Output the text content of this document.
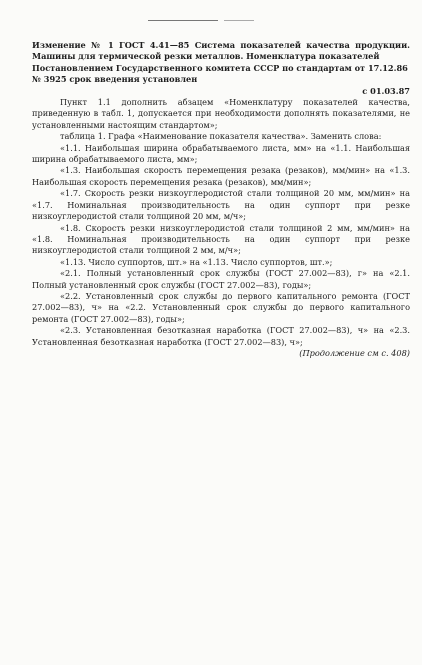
Изменение № 1 ГОСТ 4.41—85 Система показателей качества продукции. Машины для термической резки металлов. Номенклатура показателей

Постановлением Государственного комитета СССР по стандартам от 17.12.86 № 3925 срок введения установлен

с 01.03.87

Пункт 1.1 дополнить абзацем «Номенклатуру показателей качества, приведенную в табл. 1, допускается при необходимости дополнять показателями, не установленными настоящим стандартом»;

таблица 1. Графа «Наименование показателя качества». Заменить слова:

«1.1. Наибольшая ширина обрабатываемого листа, мм» на «1.1. Наибольшая ширина обрабатываемого листа, мм»;

«1.3. Наибольшая скорость перемещения резака (резаков), мм/мин» на «1.3. Наибольшая скорость перемещения резака (резаков), мм/мин»;

«1.7. Скорость резки низкоуглеродистой стали толщиной 20 мм, мм/мин» на «1.7. Номинальная производительность на один суппорт при резке низкоуглеродистой стали толщиной 20 мм, м/ч»;

«1.8. Скорость резки низкоуглеродистой стали толщиной 2 мм, мм/мин» на «1.8. Номинальная производительность на один суппорт при резке низкоуглеродистой стали толщиной 2 мм, м/ч»;

«1.13. Число суппортов, шт.» на «1.13. Число суппортов, шт.»;

«2.1. Полный установленный срок службы (ГОСТ 27.002—83), г» на «2.1. Полный установленный срок службы (ГОСТ 27.002—83), годы»;

«2.2. Установленный срок службы до первого капитального ремонта (ГОСТ 27.002—83), ч» на «2.2. Установленный срок службы до первого капитального ремонта (ГОСТ 27.002—83), годы»;

«2.3. Установленная безотказная наработка (ГОСТ 27.002—83), ч» на «2.3. Установленная безотказная наработка (ГОСТ 27.002—83), ч»;

(Продолжение см с. 408)
